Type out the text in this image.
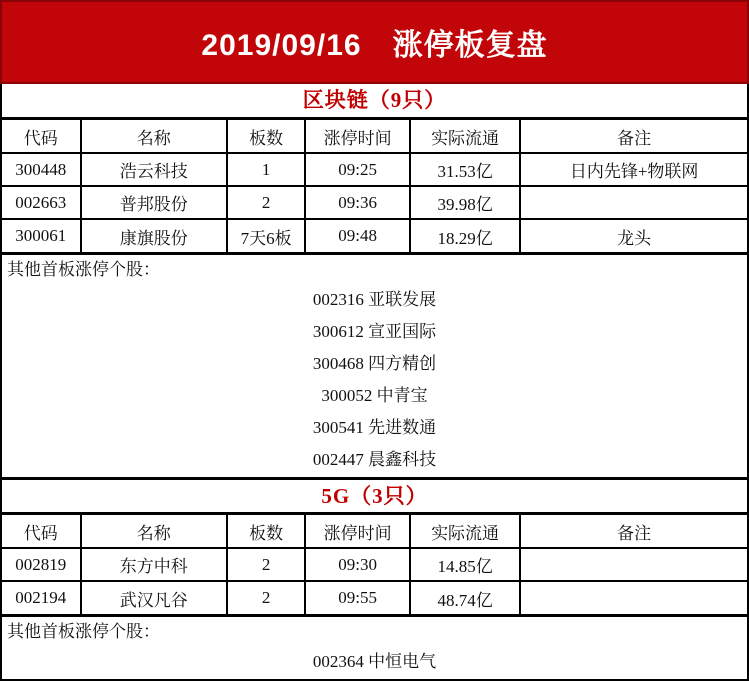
2019/09/16　涨停板复盘
区块链（9只）
代码	名称	板数	涨停时间	实际流通	备注
300448	浩云科技	1	09:25	31.53亿	日内先锋+物联网
002663	普邦股份	2	09:36	39.98亿	
300061	康旗股份	7天6板	09:48	18.29亿	龙头
其他首板涨停个股：
002316 亚联发展
300612 宣亚国际
300468 四方精创
300052 中青宝
300541 先进数通
002447 晨鑫科技
5G（3只）
代码	名称	板数	涨停时间	实际流通	备注
002819	东方中科	2	09:30	14.85亿	
002194	武汉凡谷	2	09:55	48.74亿	
其他首板涨停个股：
002364 中恒电气
